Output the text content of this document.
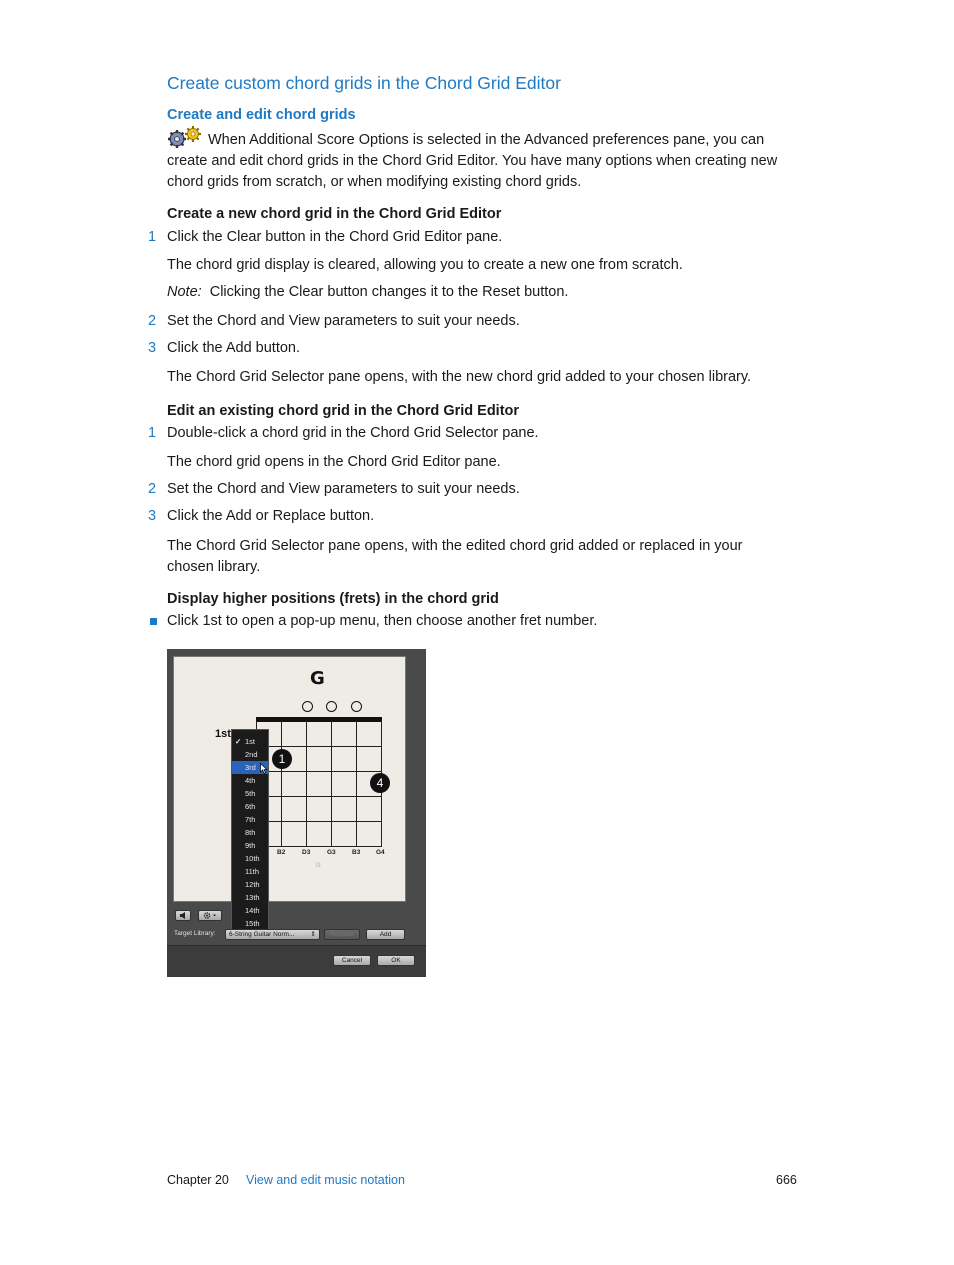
Create custom chord grids in the Chord Grid Editor
Create and edit chord grids
When Additional Score Options is selected in the Advanced preferences pane, you can create and edit chord grids in the Chord Grid Editor. You have many options when creating new chord grids from scratch, or when modifying existing chord grids.
Create a new chord grid in the Chord Grid Editor
1 Click the Clear button in the Chord Grid Editor pane.
The chord grid display is cleared, allowing you to create a new one from scratch.
Note: Clicking the Clear button changes it to the Reset button.
2 Set the Chord and View parameters to suit your needs.
3 Click the Add button.
The Chord Grid Selector pane opens, with the new chord grid added to your chosen library.
Edit an existing chord grid in the Chord Grid Editor
1 Double-click a chord grid in the Chord Grid Selector pane.
The chord grid opens in the Chord Grid Editor pane.
2 Set the Chord and View parameters to suit your needs.
3 Click the Add or Replace button.
The Chord Grid Selector pane opens, with the edited chord grid added or replaced in your chosen library.
Display higher positions (frets) in the chord grid
Click 1st to open a pop-up menu, then choose another fret number.
G
1
4
1st
B2	D3	G3	B3 G4
G
✓ 1st
2nd
3rd
4th
5th
6th
7th
8th
9th
10th
11th
12th
13th
14th
15th
Target Library:	6-String Guitar Norm... ⇕	Replace	Add
Cancel	OK
Chapter 20 View and edit music notation	666
